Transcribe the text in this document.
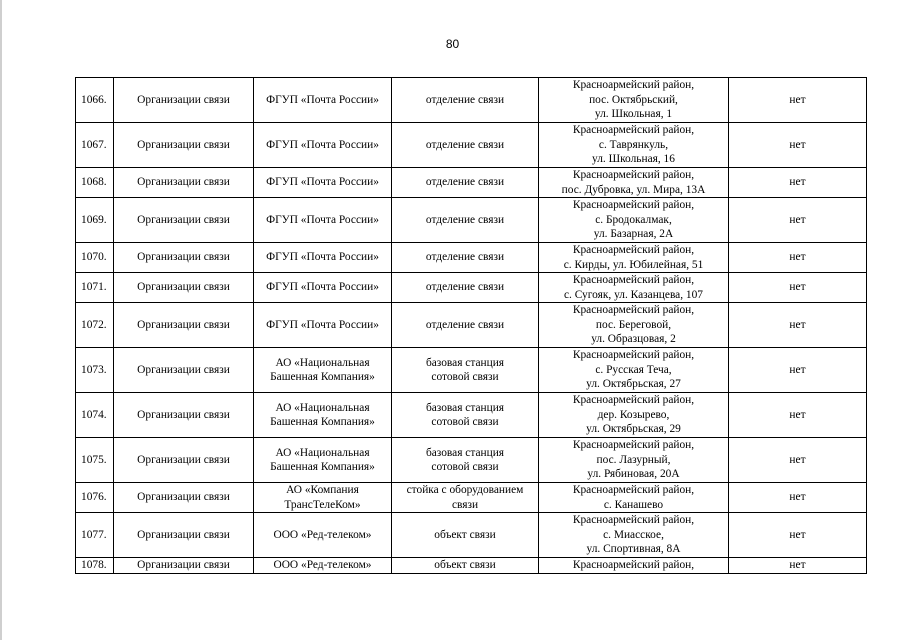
80
1066.	Организации связи	ФГУП «Почта России»	отделение связи	Красноармейский район,
пос. Октябрьский,
ул. Школьная, 1	нет
1067.	Организации связи	ФГУП «Почта России»	отделение связи	Красноармейский район,
с. Таврянкуль,
ул. Школьная, 16	нет
1068.	Организации связи	ФГУП «Почта России»	отделение связи	Красноармейский район,
пос. Дубровка, ул. Мира, 13А	нет
1069.	Организации связи	ФГУП «Почта России»	отделение связи	Красноармейский район,
с. Бродокалмак,
ул. Базарная, 2А	нет
1070.	Организации связи	ФГУП «Почта России»	отделение связи	Красноармейский район,
с. Кирды, ул. Юбилейная, 51	нет
1071.	Организации связи	ФГУП «Почта России»	отделение связи	Красноармейский район,
с. Сугояк, ул. Казанцева, 107	нет
1072.	Организации связи	ФГУП «Почта России»	отделение связи	Красноармейский район,
пос. Береговой,
ул. Образцовая, 2	нет
1073.	Организации связи	АО «Национальная
Башенная Компания»	базовая станция
сотовой связи	Красноармейский район,
с. Русская Теча,
ул. Октябрьская, 27	нет
1074.	Организации связи	АО «Национальная
Башенная Компания»	базовая станция
сотовой связи	Красноармейский район,
дер. Козырево,
ул. Октябрьская, 29	нет
1075.	Организации связи	АО «Национальная
Башенная Компания»	базовая станция
сотовой связи	Красноармейский район,
пос. Лазурный,
ул. Рябиновая, 20А	нет
1076.	Организации связи	АО «Компания
ТрансТелеКом»	стойка с оборудованием
связи	Красноармейский район,
с. Канашево	нет
1077.	Организации связи	ООО «Ред-телеком»	объект связи	Красноармейский район,
с. Миасское,
ул. Спортивная, 8А	нет
1078.	Организации связи	ООО «Ред-телеком»	объект связи	Красноармейский район,	нет
